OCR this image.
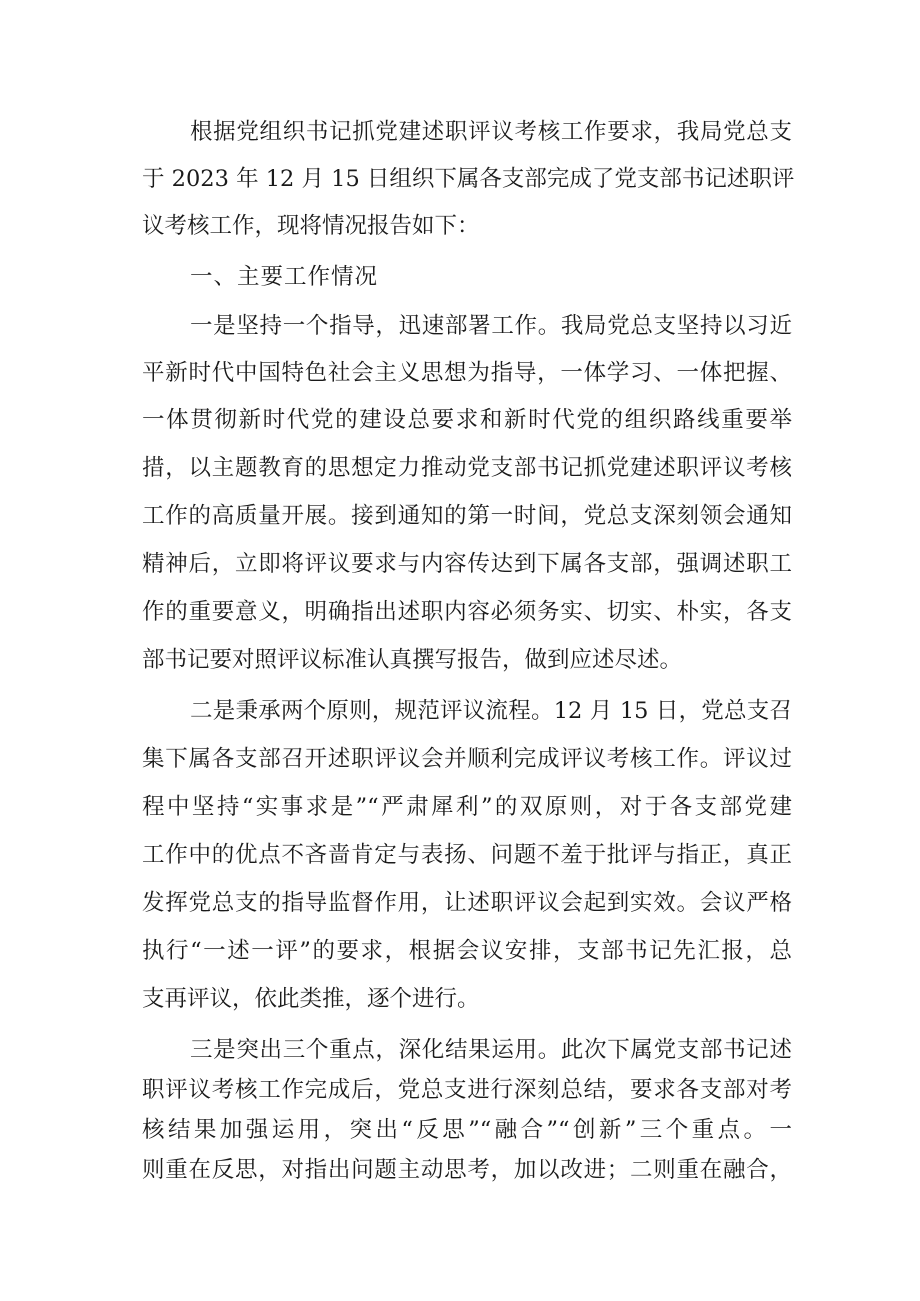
根据党组织书记抓党建述职评议考核工作要求，我局党总支
于 2023 年 12 月 15 日组织下属各支部完成了党支部书记述职评
议考核工作，现将情况报告如下：
一、主要工作情况
一是坚持一个指导，迅速部署工作。我局党总支坚持以习近
平新时代中国特色社会主义思想为指导，一体学习、一体把握、
一体贯彻新时代党的建设总要求和新时代党的组织路线重要举
措，以主题教育的思想定力推动党支部书记抓党建述职评议考核
工作的高质量开展。接到通知的第一时间，党总支深刻领会通知
精神后，立即将评议要求与内容传达到下属各支部，强调述职工
作的重要意义，明确指出述职内容必须务实、切实、朴实，各支
部书记要对照评议标准认真撰写报告，做到应述尽述。
二是秉承两个原则，规范评议流程。12 月 15 日，党总支召
集下属各支部召开述职评议会并顺利完成评议考核工作。评议过
程中坚持“实事求是”“严肃犀利”的双原则，对于各支部党建
工作中的优点不吝啬肯定与表扬、问题不羞于批评与指正，真正
发挥党总支的指导监督作用，让述职评议会起到实效。会议严格
执行“一述一评”的要求，根据会议安排，支部书记先汇报，总
支再评议，依此类推，逐个进行。
三是突出三个重点，深化结果运用。此次下属党支部书记述
职评议考核工作完成后，党总支进行深刻总结，要求各支部对考
核结果加强运用，突出“反思”“融合”“创新”三个重点。一
则重在反思，对指出问题主动思考，加以改进；二则重在融合，
